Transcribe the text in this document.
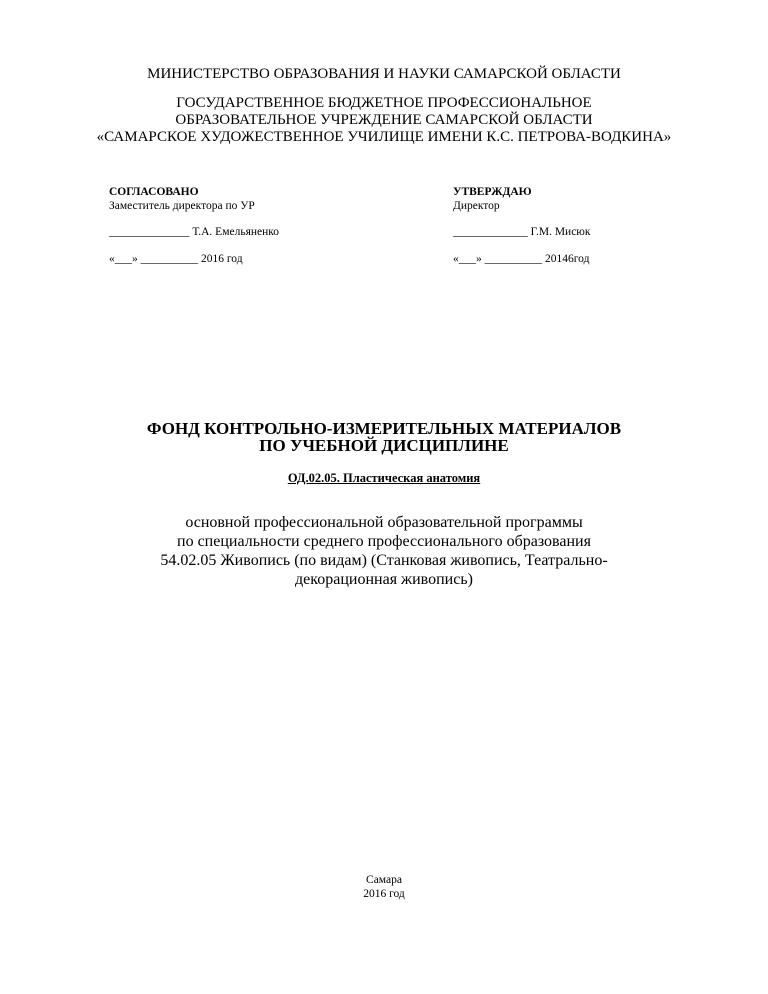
МИНИСТЕРСТВО ОБРАЗОВАНИЯ И НАУКИ САМАРСКОЙ ОБЛАСТИ
ГОСУДАРСТВЕННОЕ БЮДЖЕТНОЕ ПРОФЕССИОНАЛЬНОЕ
ОБРАЗОВАТЕЛЬНОЕ УЧРЕЖДЕНИЕ САМАРСКОЙ ОБЛАСТИ
«САМАРСКОЕ ХУДОЖЕСТВЕННОЕ УЧИЛИЩЕ ИМЕНИ К.С. ПЕТРОВА-ВОДКИНА»
СОГЛАСОВАНО
Заместитель директора по УР
______________ Т.А. Емельяненко
«___» __________ 2016 год
УТВЕРЖДАЮ
Директор
_____________ Г.М. Мисюк
«___» __________ 20146год
ФОНД КОНТРОЛЬНО-ИЗМЕРИТЕЛЬНЫХ МАТЕРИАЛОВ
ПО УЧЕБНОЙ ДИСЦИПЛИНЕ
ОД.02.05. Пластическая анатомия
основной профессиональной образовательной программы
по специальности среднего профессионального образования
54.02.05 Живопись (по видам) (Станковая живопись, Театрально-
декорационная живопись)
Самара
2016 год
